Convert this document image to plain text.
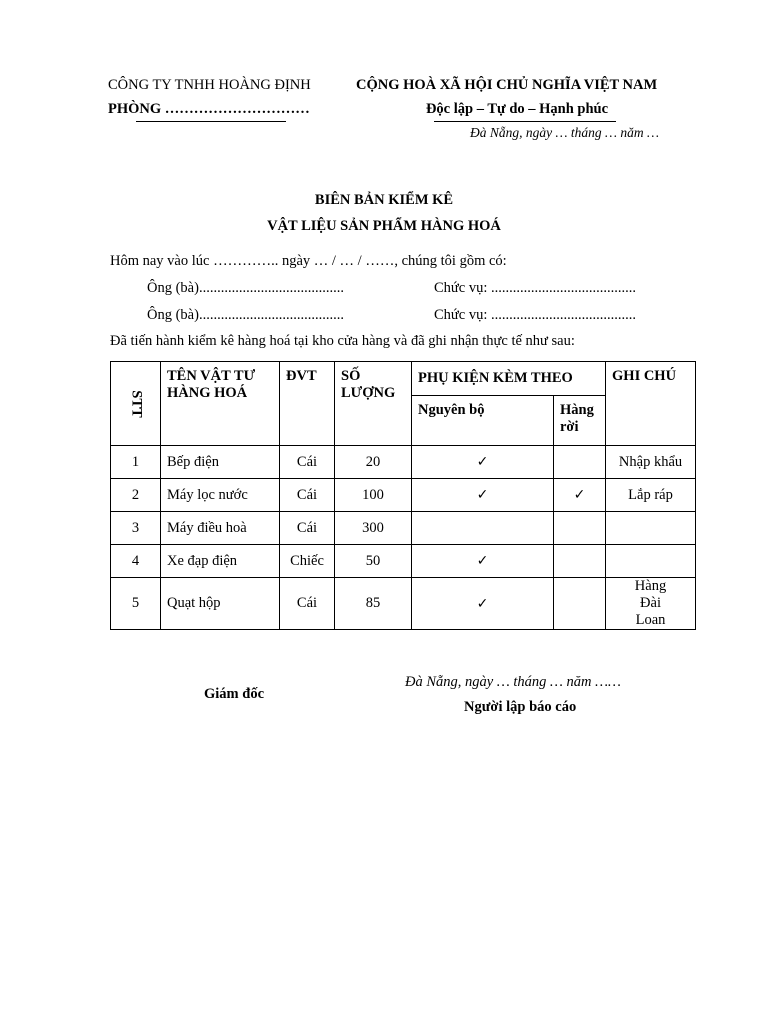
CÔNG TY TNHH HOÀNG ĐỊNH
PHÒNG …………………………
CỘNG HOÀ XÃ HỘI CHỦ NGHĨA VIỆT NAM
Độc lập – Tự do – Hạnh phúc
Đà Nẵng, ngày … tháng … năm …
BIÊN BẢN KIỂM KÊ
VẬT LIỆU SẢN PHẨM HÀNG HOÁ
Hôm nay vào lúc ………….. ngày … / … / ……, chúng tôi gồm có:
Ông (bà)........................................	Chức vụ: ........................................
Ông (bà)........................................	Chức vụ: ........................................
Đã tiến hành kiểm kê hàng hoá tại kho cửa hàng và đã ghi nhận thực tế như sau:
STT	TÊN VẬT TƯ HÀNG HOÁ	ĐVT	SỐ LƯỢNG	PHỤ KIỆN KÈM THEO		GHI CHÚ
				Nguyên bộ	Hàng rời	
1	Bếp điện	Cái	20	✓		Nhập khẩu
2	Máy lọc nước	Cái	100	✓	✓	Lắp ráp
3	Máy điều hoà	Cái	300			
4	Xe đạp điện	Chiếc	50	✓		
5	Quạt hộp	Cái	85	✓		Hàng Đài Loan
Giám đốc
Đà Nẵng, ngày … tháng … năm ……
Người lập báo cáo
